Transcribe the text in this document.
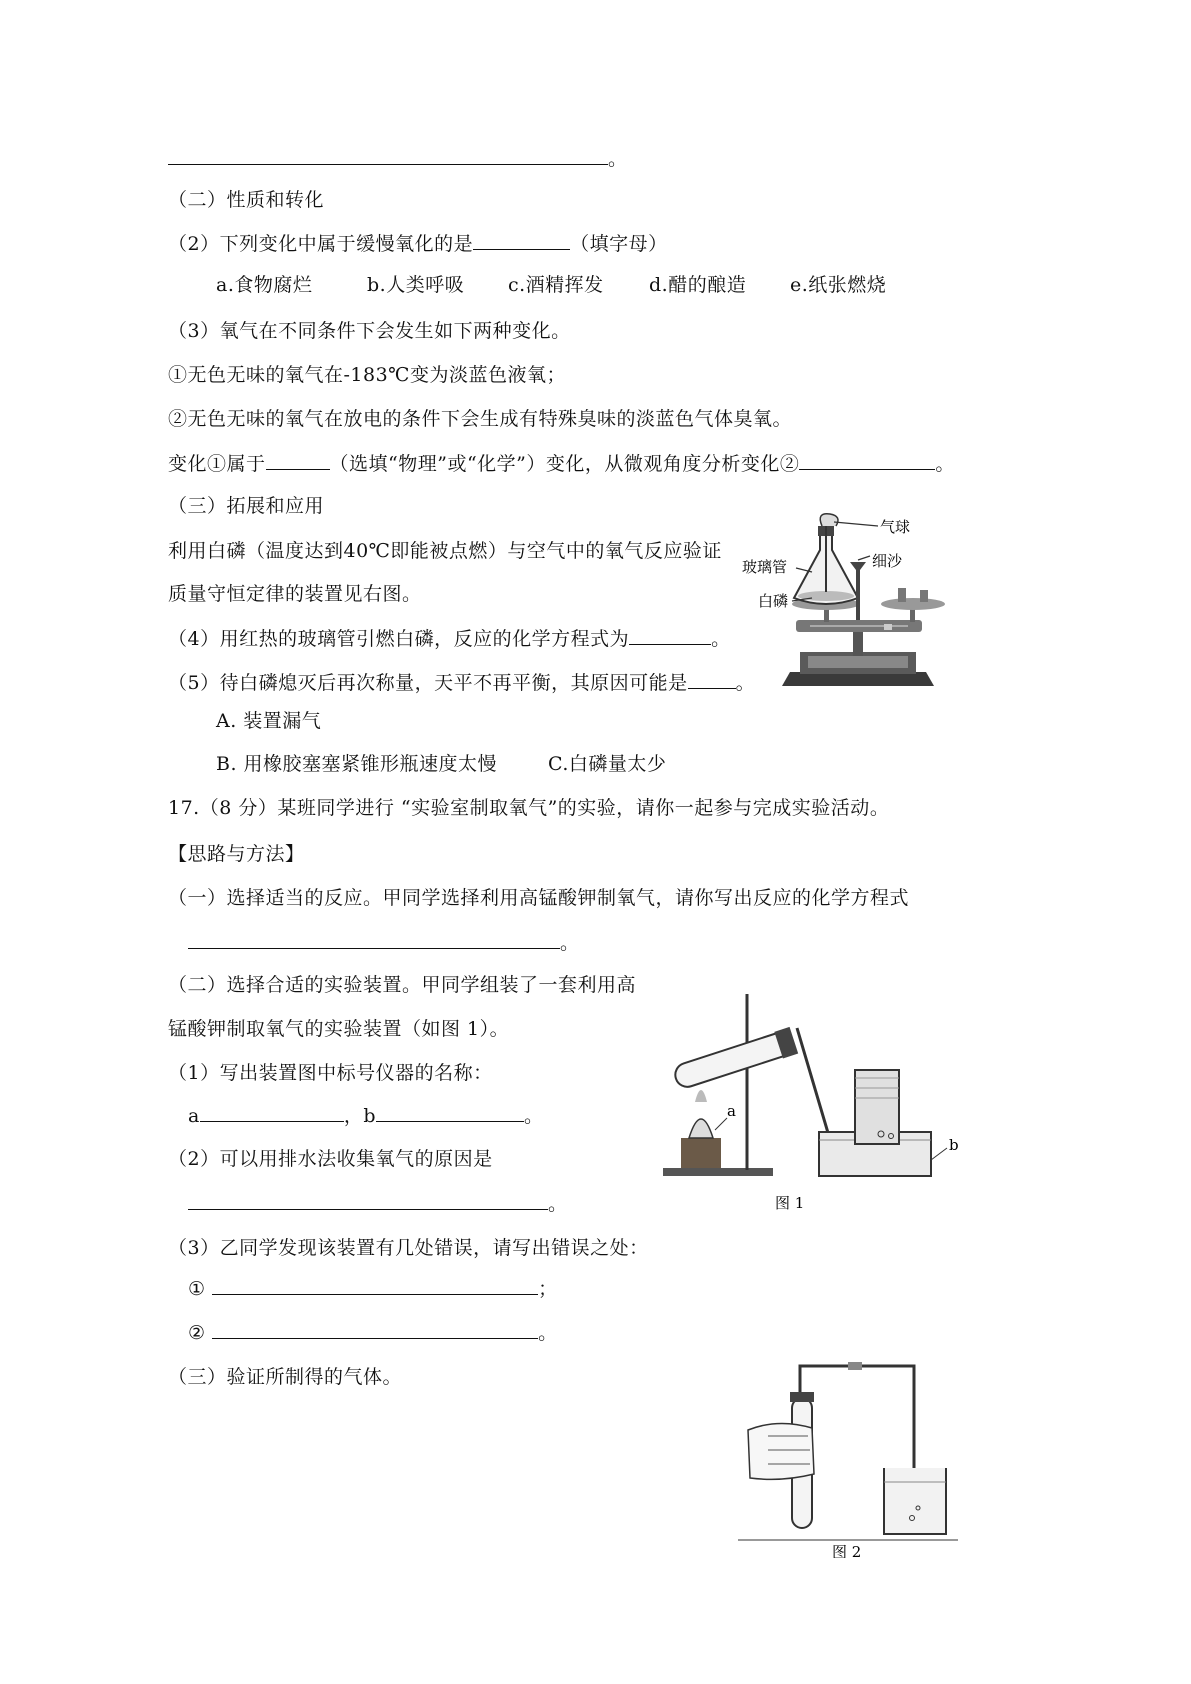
。
（二）性质和转化
（2）下列变化中属于缓慢氧化的是	（填字母）
a.食物腐烂	b.人类呼吸 c.酒精挥发 d.醋的酿造 e.纸张燃烧
（3）氧气在不同条件下会发生如下两种变化。
①无色无味的氧气在-183℃变为淡蓝色液氧；
②无色无味的氧气在放电的条件下会生成有特殊臭味的淡蓝色气体臭氧。
变化①属于	（选填“物理”或“化学”）变化，从微观角度分析变化②	。
（三）拓展和应用
利用白磷（温度达到40℃即能被点燃）与空气中的氧气反应验证
质量守恒定律的装置见右图。
（4）用红热的玻璃管引燃白磷，反应的化学方程式为	。
（5）待白磷熄灭后再次称量，天平不再平衡，其原因可能是	。
A. 装置漏气
B. 用橡胶塞塞紧锥形瓶速度太慢	C.白磷量太少
气球
玻璃管	细沙
白磷
17.（8 分）某班同学进行 “实验室制取氧气”的实验，请你一起参与完成实验活动。
【思路与方法】
（一）选择适当的反应。甲同学选择利用高锰酸钾制氧气，请你写出反应的化学方程式
。
（二）选择合适的实验装置。甲同学组装了一套利用高
锰酸钾制取氧气的实验装置（如图 1）。
（1）写出装置图中标号仪器的名称：
a	，b	。
（2）可以用排水法收集氧气的原因是
。
（3）乙同学发现该装置有几处错误，请写出错误之处：
①	；
②	。
（三）验证所制得的气体。
a
b
图 1
图 2
